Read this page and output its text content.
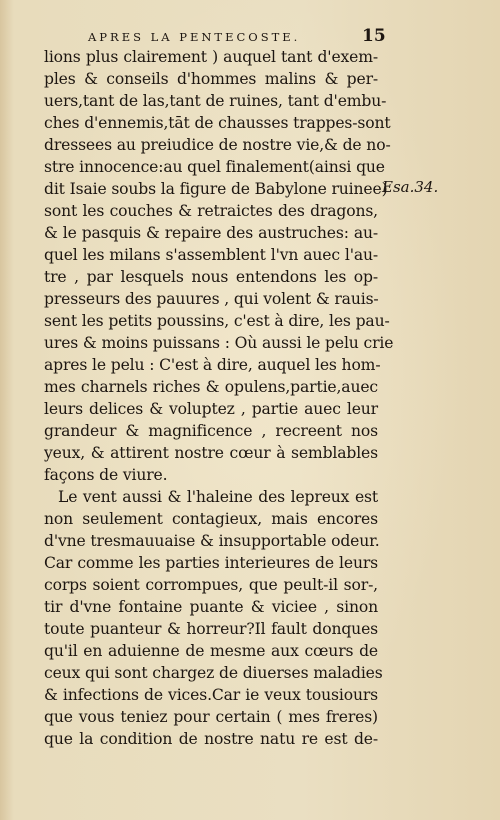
APRES LA PENTECOSTE.	15
Esa.34.
lions plus clairement ) auquel tant d'exem-
ples & conseils d'hommes malins & per-
uers,tant de las,tant de ruines, tant d'embu-
ches d'ennemis,tāt de chausses trappes-sont
dressees au preiudice de nostre vie,& de no-
stre innocence:au quel finalement(ainsi que
dit Isaie soubs la figure de Babylone ruinee)
sont les couches & retraictes des dragons,
& le pasquis & repaire des austruches: au-
quel les milans s'assemblent l'vn auec l'au-
tre , par lesquels nous entendons les op-
presseurs des pauures , qui volent & rauis-
sent les petits poussins, c'est à dire, les pau-
ures & moins puissans : Où aussi le pelu crie
apres le pelu : C'est à dire, auquel les hom-
mes charnels riches & opulens,partie,auec
leurs delices & voluptez , partie auec leur
grandeur & magnificence , recreent nos
yeux, & attirent nostre cœur à semblables
façons de viure.
Le vent aussi & l'haleine des lepreux est
non seulement contagieux, mais encores
d'vne tresmauuaise & insupportable odeur.
Car comme les parties interieures de leurs
corps soient corrompues, que peult-il sor-,
tir d'vne fontaine puante & viciee , sinon
toute puanteur & horreur?Il fault donques
qu'il en aduienne de mesme aux cœurs de
ceux qui sont chargez de diuerses maladies
& infections de vices.Car ie veux tousiours
que vous teniez pour certain ( mes freres)
que la condition de nostre natu re est de-
